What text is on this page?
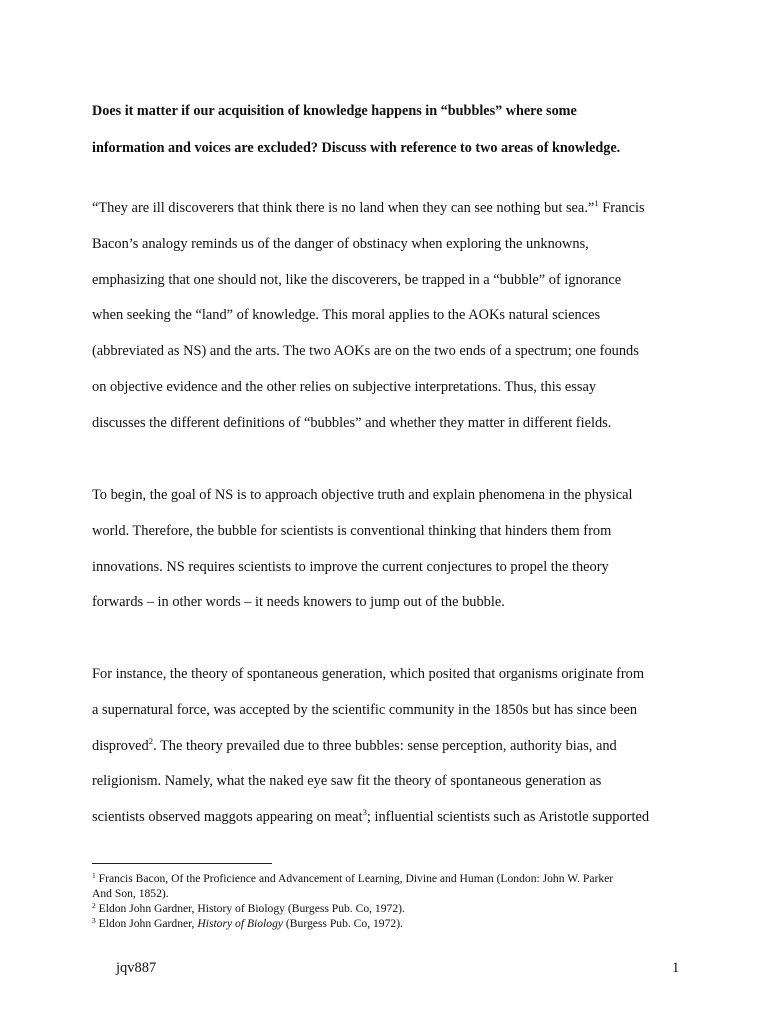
Does it matter if our acquisition of knowledge happens in “bubbles” where some
information and voices are excluded? Discuss with reference to two areas of knowledge.
“They are ill discoverers that think there is no land when they can see nothing but sea.”$^1$ Francis
Bacon’s analogy reminds us of the danger of obstinacy when exploring the unknowns,
emphasizing that one should not, like the discoverers, be trapped in a “bubble” of ignorance
when seeking the “land” of knowledge. This moral applies to the AOKs natural sciences
(abbreviated as NS) and the arts. The two AOKs are on the two ends of a spectrum; one founds
on objective evidence and the other relies on subjective interpretations. Thus, this essay
discusses the different definitions of “bubbles” and whether they matter in different fields.
To begin, the goal of NS is to approach objective truth and explain phenomena in the physical
world. Therefore, the bubble for scientists is conventional thinking that hinders them from
innovations. NS requires scientists to improve the current conjectures to propel the theory
forwards – in other words – it needs knowers to jump out of the bubble.
For instance, the theory of spontaneous generation, which posited that organisms originate from
a supernatural force, was accepted by the scientific community in the 1850s but has since been
disproved$^2$. The theory prevailed due to three bubbles: sense perception, authority bias, and
religionism. Namely, what the naked eye saw fit the theory of spontaneous generation as
scientists observed maggots appearing on meat$^3$; influential scientists such as Aristotle supported
$^1$ Francis Bacon, Of the Proficience and Advancement of Learning, Divine and Human (London: John W. Parker
And Son, 1852).
$^2$ Eldon John Gardner, History of Biology (Burgess Pub. Co, 1972).
$^3$ Eldon John Gardner, History of Biology (Burgess Pub. Co, 1972).
jqv887	1
